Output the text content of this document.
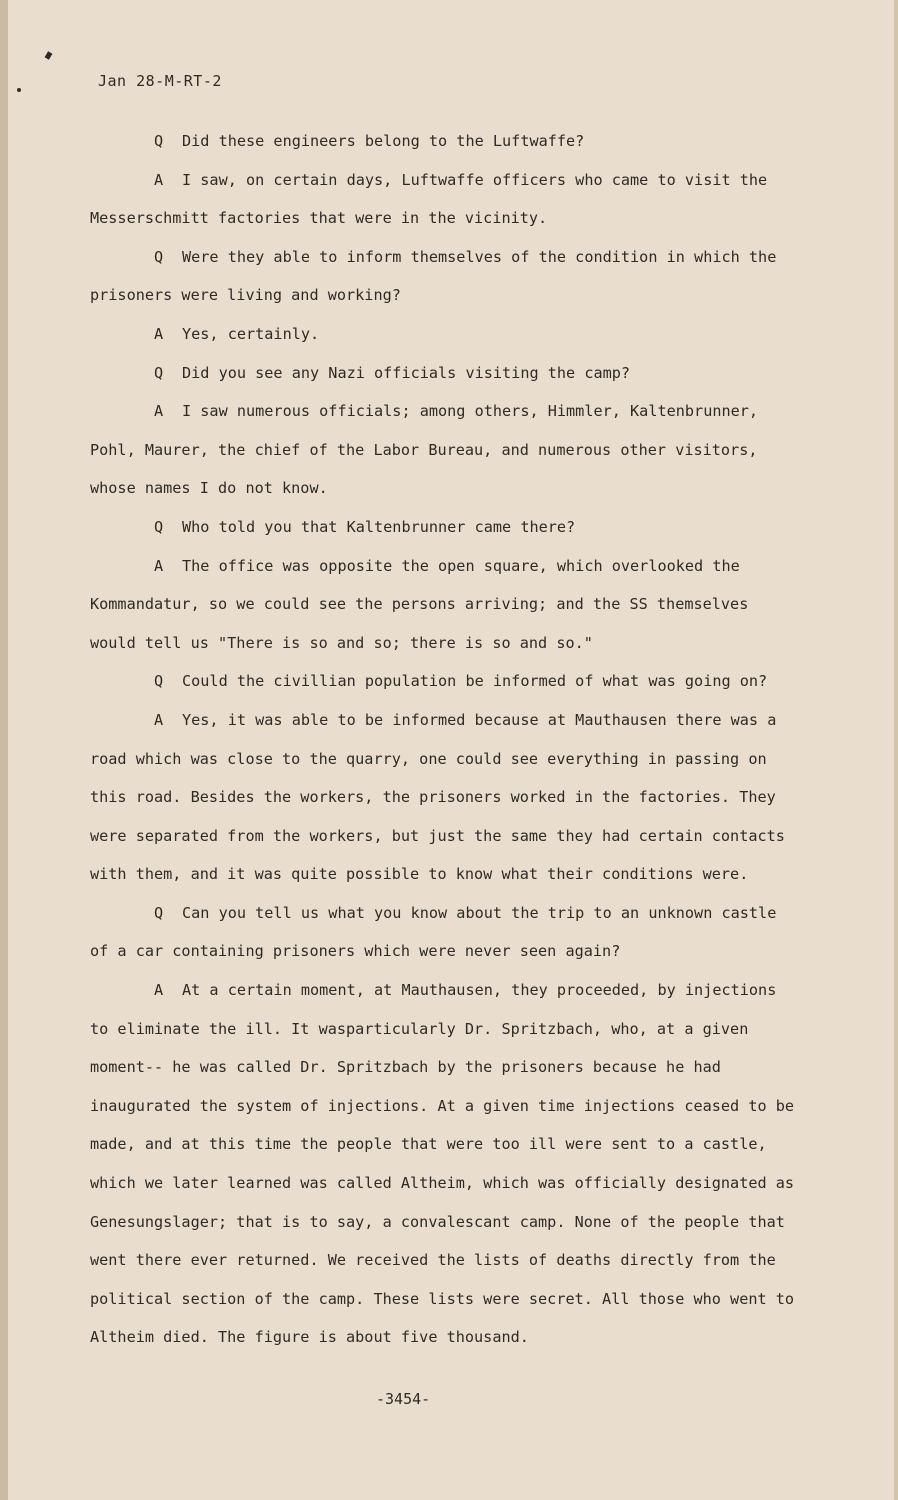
Jan 28-M-RT-2

Q Did these engineers belong to the Luftwaffe?

A I saw, on certain days, Luftwaffe officers who came to visit the Messerschmitt factories that were in the vicinity.

Q Were they able to inform themselves of the condition in which the prisoners were living and working?

A Yes, certainly.

Q Did you see any Nazi officials visiting the camp?

A I saw numerous officials; among others, Himmler, Kaltenbrunner, Pohl, Maurer, the chief of the Labor Bureau, and numerous other visitors, whose names I do not know.

Q Who told you that Kaltenbrunner came there?

A The office was opposite the open square, which overlooked the Kommandatur, so we could see the persons arriving; and the SS themselves would tell us "There is so and so; there is so and so."

Q Could the civillian population be informed of what was going on?

A Yes, it was able to be informed because at Mauthausen there was a road which was close to the quarry, one could see everything in passing on this road. Besides the workers, the prisoners worked in the factories. They were separated from the workers, but just the same they had certain contacts with them, and it was quite possible to know what their conditions were.

Q Can you tell us what you know about the trip to an unknown castle of a car containing prisoners which were never seen again?

A At a certain moment, at Mauthausen, they proceeded, by injections to eliminate the ill. It wasparticularly Dr. Spritzbach, who, at a given moment-- he was called Dr. Spritzbach by the prisoners because he had inaugurated the system of injections. At a given time injections ceased to be made, and at this time the people that were too ill were sent to a castle, which we later learned was called Altheim, which was officially designated as Genesungslager; that is to say, a convalescant camp. None of the people that went there ever returned. We received the lists of deaths directly from the political section of the camp. These lists were secret. All those who went to Altheim died. The figure is about five thousand.

-3454-
